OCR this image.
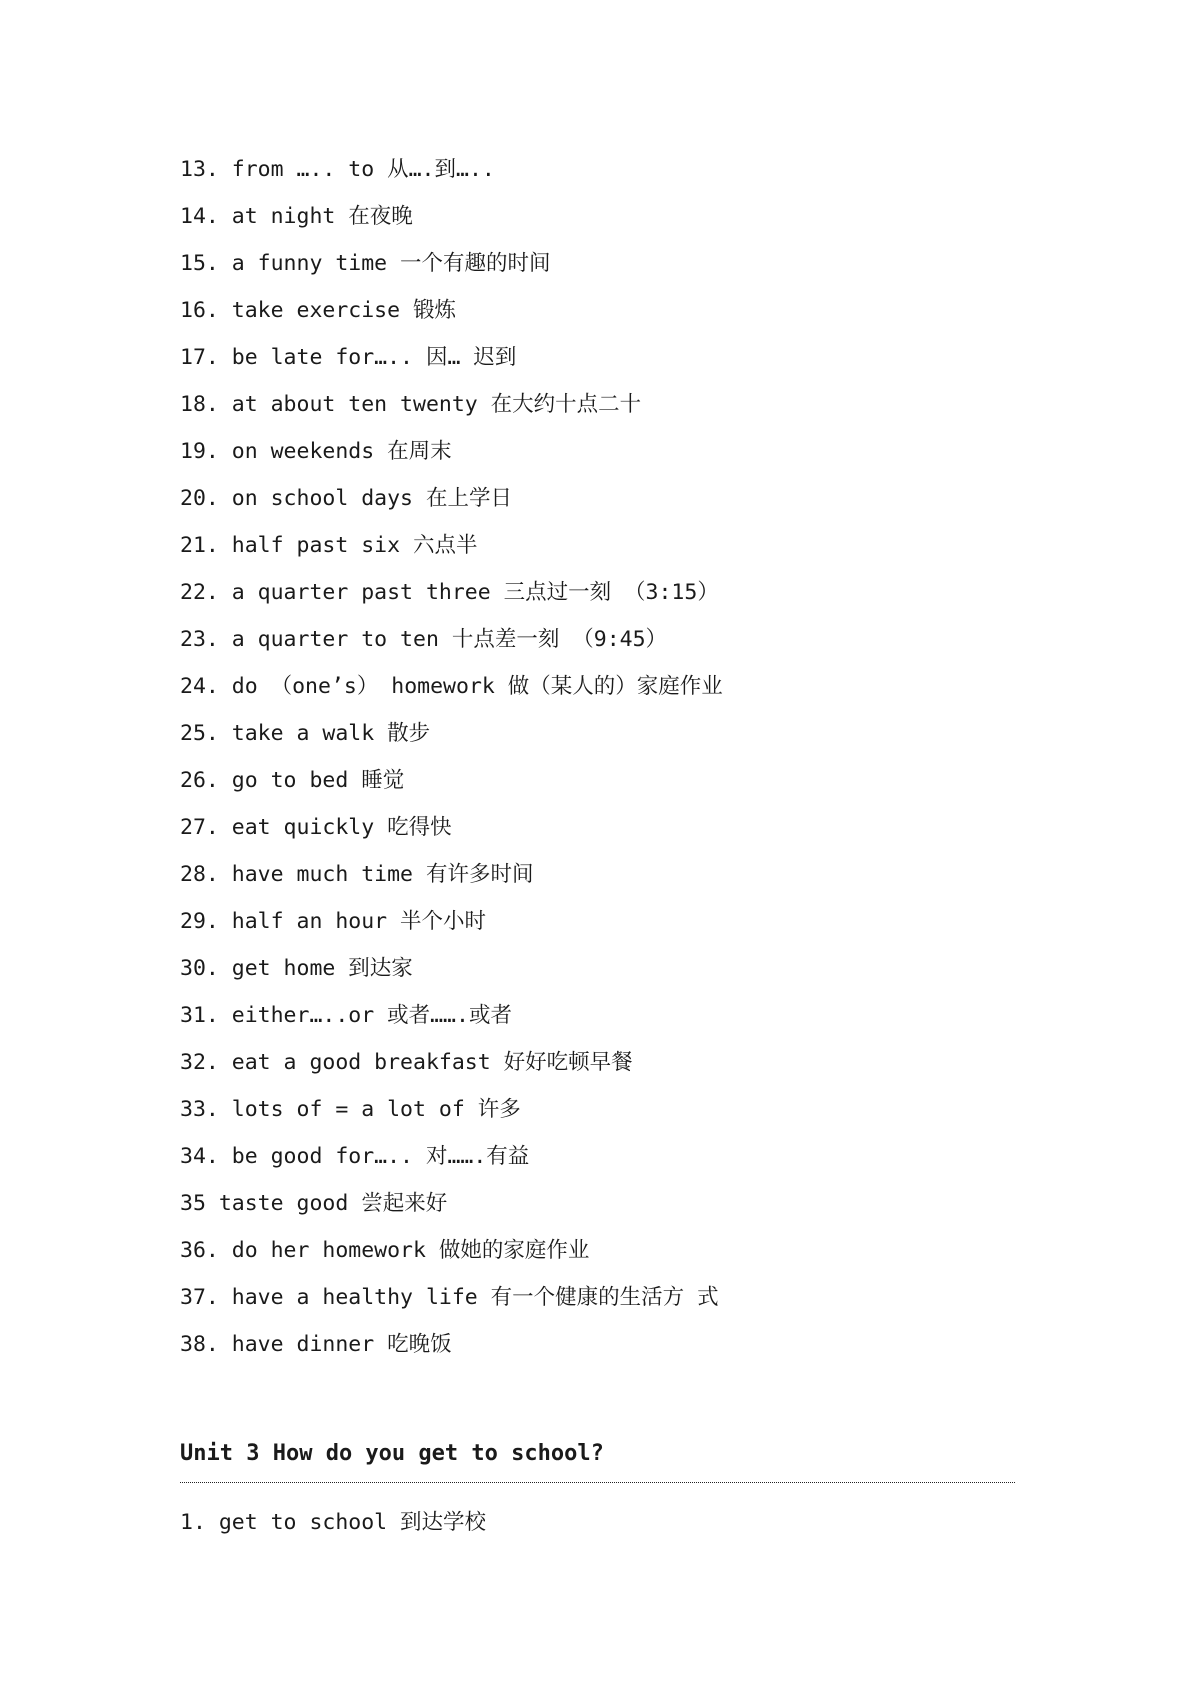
13. from ….. to 从….到…..
14. at night 在夜晚
15. a funny time 一个有趣的时间
16. take exercise 锻炼
17. be late for….. 因… 迟到
18. at about ten twenty 在大约十点二十
19. on weekends 在周末
20. on school days 在上学日
21. half past six 六点半
22. a quarter past three 三点过一刻 （3:15）
23. a quarter to ten 十点差一刻 （9:45）
24. do （one’s） homework 做（某人的）家庭作业
25. take a walk 散步
26. go to bed 睡觉
27. eat quickly 吃得快
28. have much time 有许多时间
29. half an hour 半个小时
30. get home 到达家
31. either…..or 或者…….或者
32. eat a good breakfast 好好吃顿早餐
33. lots of = a lot of 许多
34. be good for….. 对…….有益
35 taste good 尝起来好
36. do her homework 做她的家庭作业
37. have a healthy life 有一个健康的生活方 式
38. have dinner 吃晚饭
Unit 3 How do you get to school?
1. get to school 到达学校
